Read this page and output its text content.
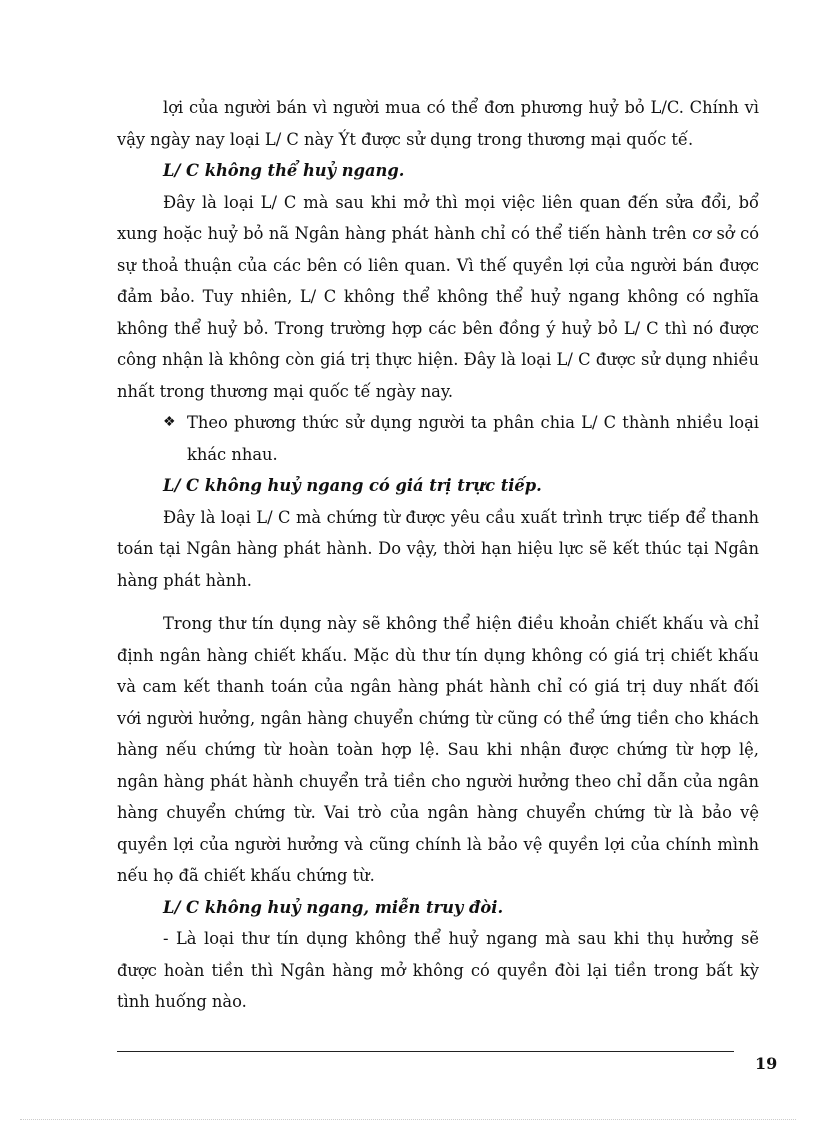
lợi của người bán vì người mua có thể đơn phương huỷ bỏ L/C. Chính vì vậy ngày nay loại L/ C này Ýt được sử dụng trong thương mại quốc tế.

L/ C không thể huỷ ngang.

Đây là loại L/ C mà sau khi mở thì mọi việc liên quan đến sửa đổi, bổ xung hoặc huỷ bỏ nã Ngân hàng phát hành chỉ có thể tiến hành trên cơ sở có sự thoả thuận của các bên có liên quan. Vì thế quyền lợi của người bán được đảm bảo. Tuy nhiên, L/ C không thể không thể huỷ ngang không có nghĩa không thể huỷ bỏ. Trong trường hợp các bên đồng ý huỷ bỏ L/ C thì nó được công nhận là không còn giá trị thực hiện. Đây là loại L/ C được sử dụng nhiều nhất trong thương mại quốc tế ngày nay.

❖ Theo phương thức sử dụng người ta phân chia L/ C thành nhiều loại khác nhau.

L/ C không huỷ ngang có giá trị trực tiếp.

Đây là loại L/ C mà chứng từ được yêu cầu xuất trình trực tiếp để thanh toán tại Ngân hàng phát hành. Do vậy, thời hạn hiệu lực sẽ kết thúc tại Ngân hàng phát hành.

Trong thư tín dụng này sẽ không thể hiện điều khoản chiết khấu và chỉ định ngân hàng chiết khấu. Mặc dù thư tín dụng không có giá trị chiết khấu và cam kết thanh toán của ngân hàng phát hành chỉ có giá trị duy nhất đối với người hưởng, ngân hàng chuyển chứng từ cũng có thể ứng tiền cho khách hàng nếu chứng từ hoàn toàn hợp lệ. Sau khi nhận được chứng từ hợp lệ, ngân hàng phát hành chuyển trả tiền cho người hưởng theo chỉ dẫn của ngân hàng chuyển chứng từ. Vai trò của ngân hàng chuyển chứng từ là bảo vệ quyền lợi của người hưởng và cũng chính là bảo vệ quyền lợi của chính mình nếu họ đã chiết khấu chứng từ.

L/ C không huỷ ngang, miễn truy đòi.

- Là loại thư tín dụng không thể huỷ ngang mà sau khi thụ hưởng sẽ được hoàn tiền thì Ngân hàng mở không có quyền đòi lại tiền trong bất kỳ tình huống nào.

19
